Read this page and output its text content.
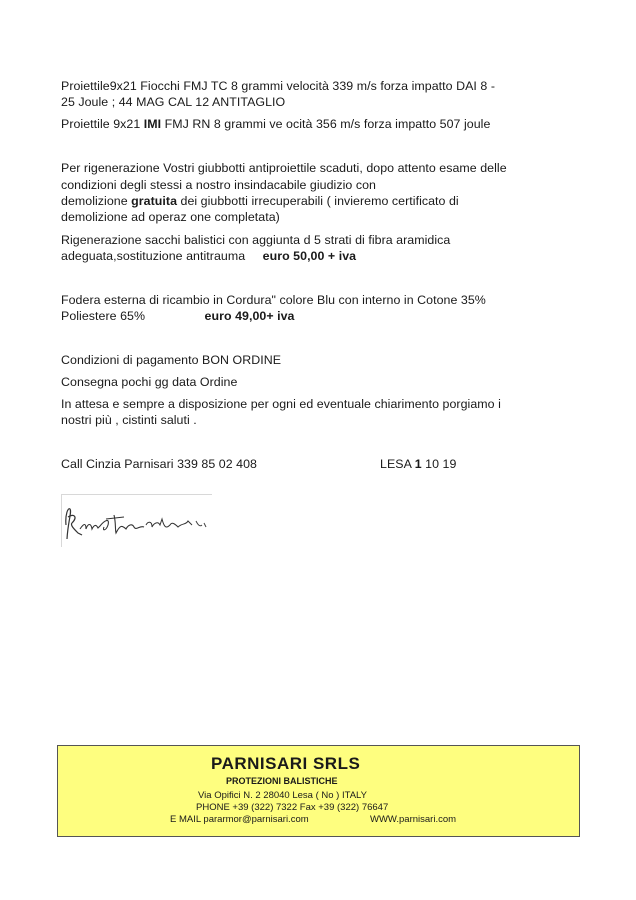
Proiettile9x21 Fiocchi FMJ TC 8 grammi velocità 339 m/s forza impatto DAI 8 -
25 Joule ; 44 MAG CAL 12 ANTITAGLIO
Proiettile 9x21 IMI FMJ RN 8 grammi ve ocità 356 m/s forza impatto 507 joule
Per rigenerazione Vostri giubbotti antiproiettile scaduti, dopo attento esame delle
condizioni degli stessi a nostro insindacabile giudizio con
demolizione gratuita dei giubbotti irrecuperabili ( invieremo certificato di
demolizione ad operaz one completata)
Rigenerazione sacchi balistici con aggiunta d 5 strati di fibra aramidica
adeguata,sostituzione antitrauma euro 50,00 + iva
Fodera esterna di ricambio in Cordura" colore Blu con interno in Cotone 35%
Poliestere 65%	euro 49,00+ iva
Condizioni di pagamento BON ORDINE
Consegna pochi gg data Ordine
In attesa e sempre a disposizione per ogni ed eventuale chiarimento porgiamo i
nostri più , cistinti saluti .
Call Cinzia Parnisari 339 85 02 408	LESA 1 10 19
PARNISARI SRLS
PROTEZIONI BALISTICHE
Via Opifici N. 2 28040 Lesa ( No ) ITALY
PHONE +39 (322) 7322 Fax +39 (322) 76647
E MAIL pararmor@parnisari.com	WWW.parnisari.com
